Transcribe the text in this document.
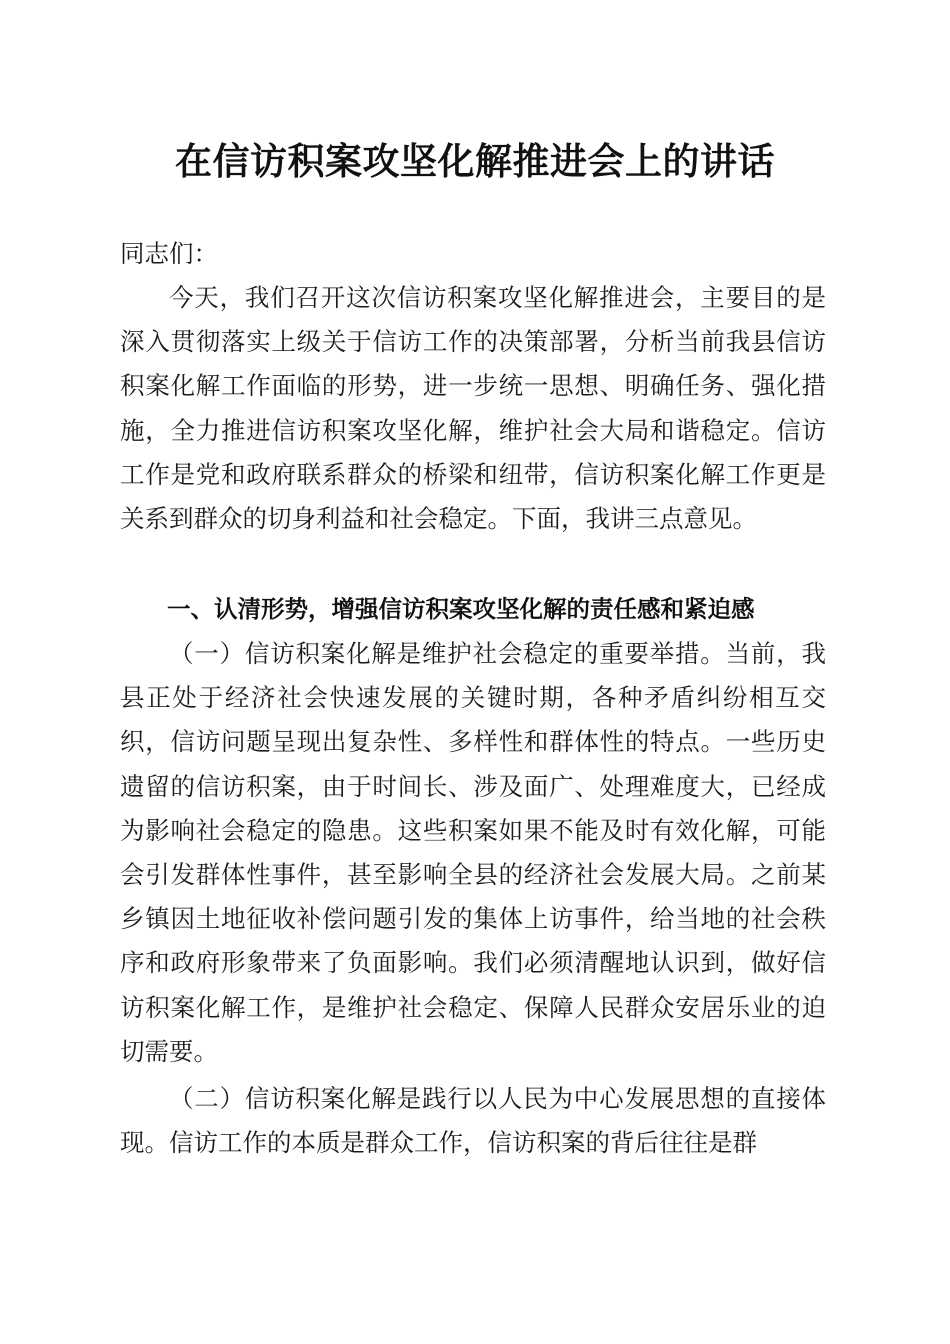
在信访积案攻坚化解推进会上的讲话

同志们：

今天，我们召开这次信访积案攻坚化解推进会，主要目的是深入贯彻落实上级关于信访工作的决策部署，分析当前我县信访积案化解工作面临的形势，进一步统一思想、明确任务、强化措施，全力推进信访积案攻坚化解，维护社会大局和谐稳定。信访工作是党和政府联系群众的桥梁和纽带，信访积案化解工作更是关系到群众的切身利益和社会稳定。下面，我讲三点意见。

一、认清形势，增强信访积案攻坚化解的责任感和紧迫感

（一）信访积案化解是维护社会稳定的重要举措。当前，我县正处于经济社会快速发展的关键时期，各种矛盾纠纷相互交织，信访问题呈现出复杂性、多样性和群体性的特点。一些历史遗留的信访积案，由于时间长、涉及面广、处理难度大，已经成为影响社会稳定的隐患。这些积案如果不能及时有效化解，可能会引发群体性事件，甚至影响全县的经济社会发展大局。之前某乡镇因土地征收补偿问题引发的集体上访事件，给当地的社会秩序和政府形象带来了负面影响。我们必须清醒地认识到，做好信访积案化解工作，是维护社会稳定、保障人民群众安居乐业的迫切需要。

（二）信访积案化解是践行以人民为中心发展思想的直接体现。信访工作的本质是群众工作，信访积案的背后往往是群
